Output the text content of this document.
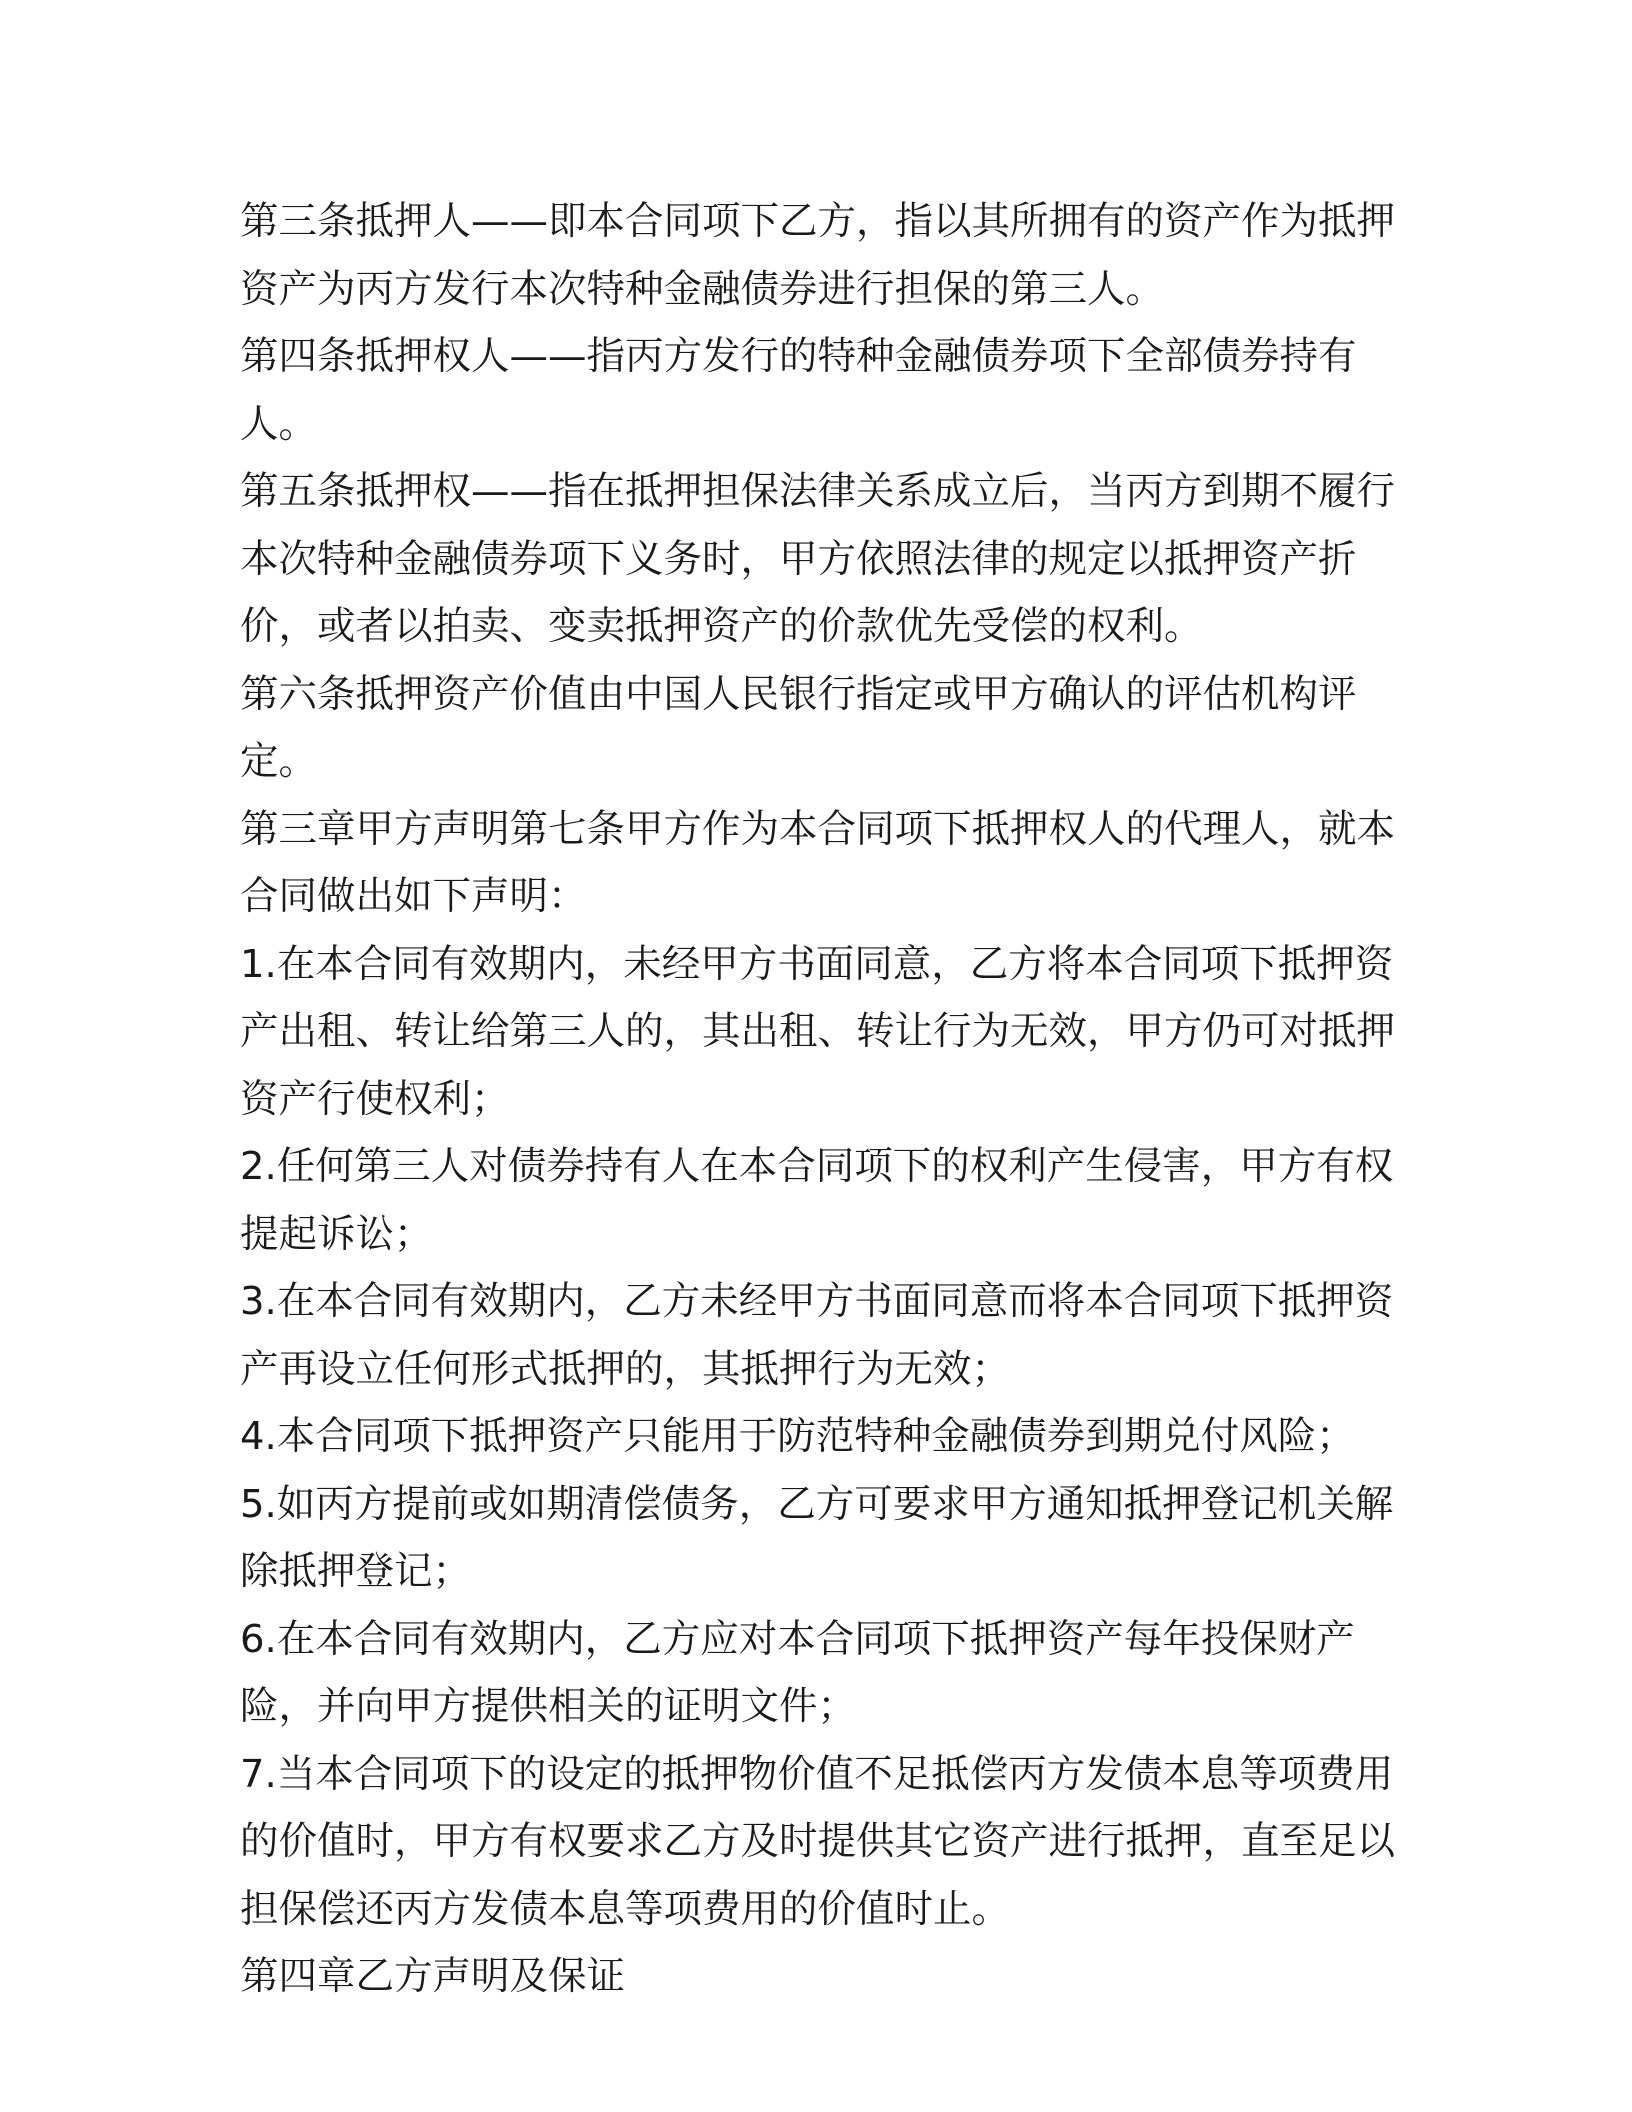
第三条抵押人——即本合同项下乙方，指以其所拥有的资产作为抵押资产为丙方发行本次特种金融债券进行担保的第三人。

第四条抵押权人——指丙方发行的特种金融债券项下全部债券持有人。

第五条抵押权——指在抵押担保法律关系成立后，当丙方到期不履行本次特种金融债券项下义务时，甲方依照法律的规定以抵押资产折价，或者以拍卖、变卖抵押资产的价款优先受偿的权利。

第六条抵押资产价值由中国人民银行指定或甲方确认的评估机构评定。

第三章甲方声明第七条甲方作为本合同项下抵押权人的代理人，就本合同做出如下声明：

1.在本合同有效期内，未经甲方书面同意，乙方将本合同项下抵押资产出租、转让给第三人的，其出租、转让行为无效，甲方仍可对抵押资产行使权利；

2.任何第三人对债券持有人在本合同项下的权利产生侵害，甲方有权提起诉讼；

3.在本合同有效期内，乙方未经甲方书面同意而将本合同项下抵押资产再设立任何形式抵押的，其抵押行为无效；

4.本合同项下抵押资产只能用于防范特种金融债券到期兑付风险；

5.如丙方提前或如期清偿债务，乙方可要求甲方通知抵押登记机关解除抵押登记；

6.在本合同有效期内，乙方应对本合同项下抵押资产每年投保财产险，并向甲方提供相关的证明文件；

7.当本合同项下的设定的抵押物价值不足抵偿丙方发债本息等项费用的价值时，甲方有权要求乙方及时提供其它资产进行抵押，直至足以担保偿还丙方发债本息等项费用的价值时止。

第四章乙方声明及保证
